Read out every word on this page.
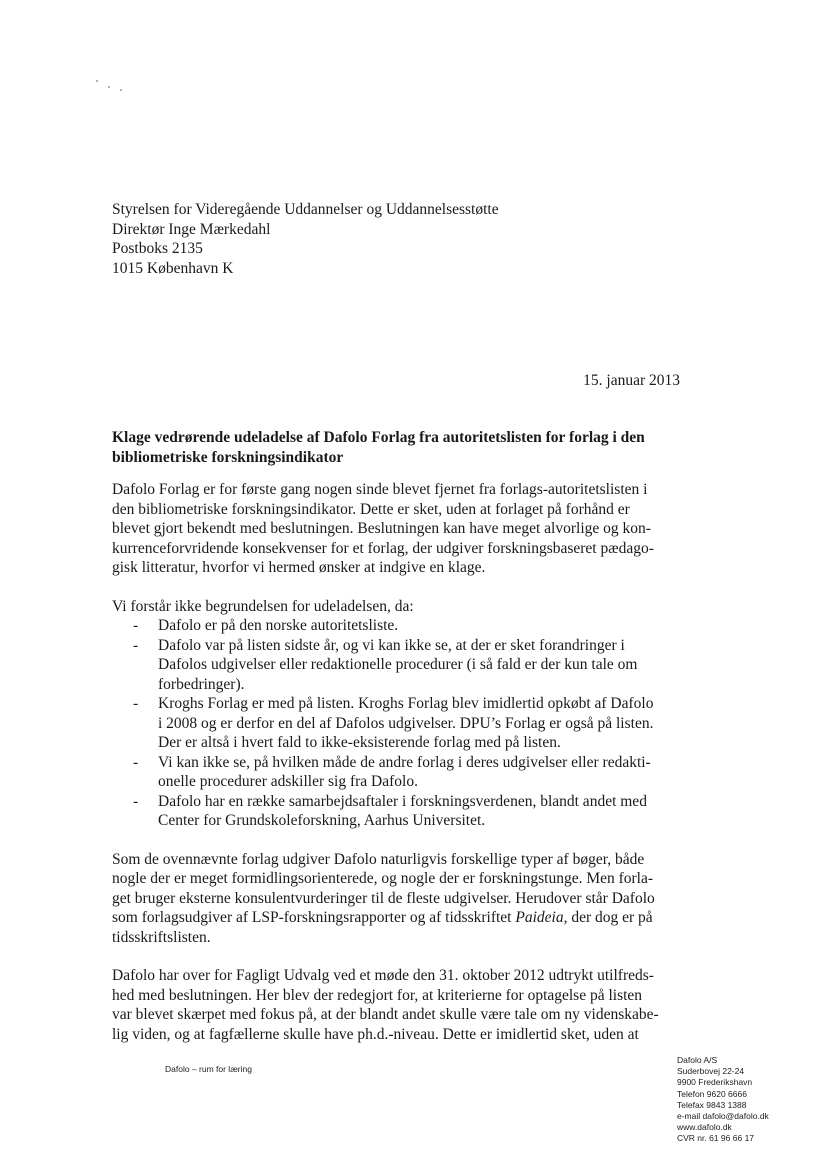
Styrelsen for Videregående Uddannelser og Uddannelsesstøtte
Direktør Inge Mærkedahl
Postboks 2135
1015 København K
15. januar 2013
Klage vedrørende udeladelse af Dafolo Forlag fra autoritetslisten for forlag i den
bibliometriske forskningsindikator

Dafolo Forlag er for første gang nogen sinde blevet fjernet fra forlags-autoritetslisten i
den bibliometriske forskningsindikator. Dette er sket, uden at forlaget på forhånd er
blevet gjort bekendt med beslutningen. Beslutningen kan have meget alvorlige og kon-
kurrenceforvridende konsekvenser for et forlag, der udgiver forskningsbaseret pædago-
gisk litteratur, hvorfor vi hermed ønsker at indgive en klage.

Vi forstår ikke begrundelsen for udeladelsen, da:
- Dafolo er på den norske autoritetsliste.
- Dafolo var på listen sidste år, og vi kan ikke se, at der er sket forandringer i
Dafolos udgivelser eller redaktionelle procedurer (i så fald er der kun tale om
forbedringer).
- Kroghs Forlag er med på listen. Kroghs Forlag blev imidlertid opkøbt af Dafolo
i 2008 og er derfor en del af Dafolos udgivelser. DPU’s Forlag er også på listen.
Der er altså i hvert fald to ikke-eksisterende forlag med på listen.
- Vi kan ikke se, på hvilken måde de andre forlag i deres udgivelser eller redakti-
onelle procedurer adskiller sig fra Dafolo.
- Dafolo har en række samarbejdsaftaler i forskningsverdenen, blandt andet med
Center for Grundskoleforskning, Aarhus Universitet.

Som de ovennævnte forlag udgiver Dafolo naturligvis forskellige typer af bøger, både
nogle der er meget formidlingsorienterede, og nogle der er forskningstunge. Men forla-
get bruger eksterne konsulentvurderinger til de fleste udgivelser. Herudover står Dafolo
som forlagsudgiver af LSP-forskningsrapporter og af tidsskriftet Paideia, der dog er på
tidsskriftslisten.

Dafolo har over for Fagligt Udvalg ved et møde den 31. oktober 2012 udtrykt utilfreds-
hed med beslutningen. Her blev der redegjort for, at kriterierne for optagelse på listen
var blevet skærpet med fokus på, at der blandt andet skulle være tale om ny videnskabe-
lig viden, og at fagfællerne skulle have ph.d.-niveau. Dette er imidlertid sket, uden at

Dafolo – rum for læring
Dafolo A/S
Suderbovej 22-24
9900 Frederikshavn
Telefon 9620 6666
Telefax 9843 1388
e-mail dafolo@dafolo.dk
www.dafolo.dk
CVR nr. 61 96 66 17
